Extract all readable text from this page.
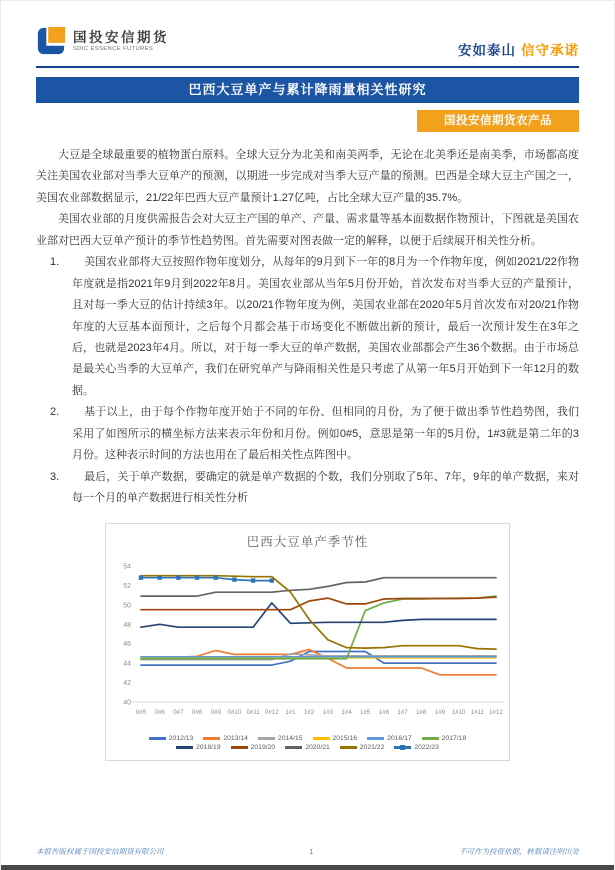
国投安信期货
SDIC ESSENCE FUTURES	安如泰山 信守承诺
巴西大豆单产与累计降雨量相关性研究
国投安信期货农产品

大豆是全球最重要的植物蛋白原料。全球大豆分为北美和南美两季，无论在北美季还是南美季，市场都高度关注美国农业部对当季大豆单产的预测，以期进一步完成对当季大豆产量的预测。巴西是全球大豆主产国之一，美国农业部数据显示，21/22年巴西大豆产量预计1.27亿吨，占比全球大豆产量的35.7%。

美国农业部的月度供需报告会对大豆主产国的单产、产量、需求量等基本面数据作物预计，下图就是美国农业部对巴西大豆单产预计的季节性趋势图。首先需要对图表做一定的解释，以便于后续展开相关性分析。

1.	美国农业部将大豆按照作物年度划分，从每年的9月到下一年的8月为一个作物年度，例如2021/22作物年度就是指2021年9月到2022年8月。美国农业部从当年5月份开始，首次发布对当季大豆的产量预计，且对每一季大豆的估计持续3年。以20/21作物年度为例，美国农业部在2020年5月首次发布对20/21作物年度的大豆基本面预计，之后每个月都会基于市场变化不断做出新的预计，最后一次预计发生在3年之后，也就是2023年4月。所以，对于每一季大豆的单产数据，美国农业部都会产生36个数据。由于市场总是最关心当季的大豆单产，我们在研究单产与降雨相关性是只考虑了从第一年5月开始到下一年12月的数据。
2.	基于以上，由于每个作物年度开始于不同的年份、但相同的月份，为了便于做出季节性趋势图，我们采用了如图所示的横坐标方法来表示年份和月份。例如0#5，意思是第一年的5月份，1#3就是第二年的3月份。这种表示时间的方法也用在了最后相关性点阵图中。
3.	最后，关于单产数据，要确定的就是单产数据的个数，我们分别取了5年、7年，9年的单产数据，来对每一个月的单产数据进行相关性分析
巴西大豆单产季节性
40
42
44
46
48
50
52
54
0#5 0#6 0#7 0#8 0#9 0#10 0#11 0#12 1#1 1#2 1#3 1#4 1#5 1#6 1#7 1#8 1#9 1#10 1#11 1#12
2012/13	2013/14	2014/15	2015/16	2016/17	2017/18
2018/19	2019/20	2020/21	2021/22	2022/23
本报告版权属于国投安信期货有限公司	1	不可作为投资依据，转载请注明出处
